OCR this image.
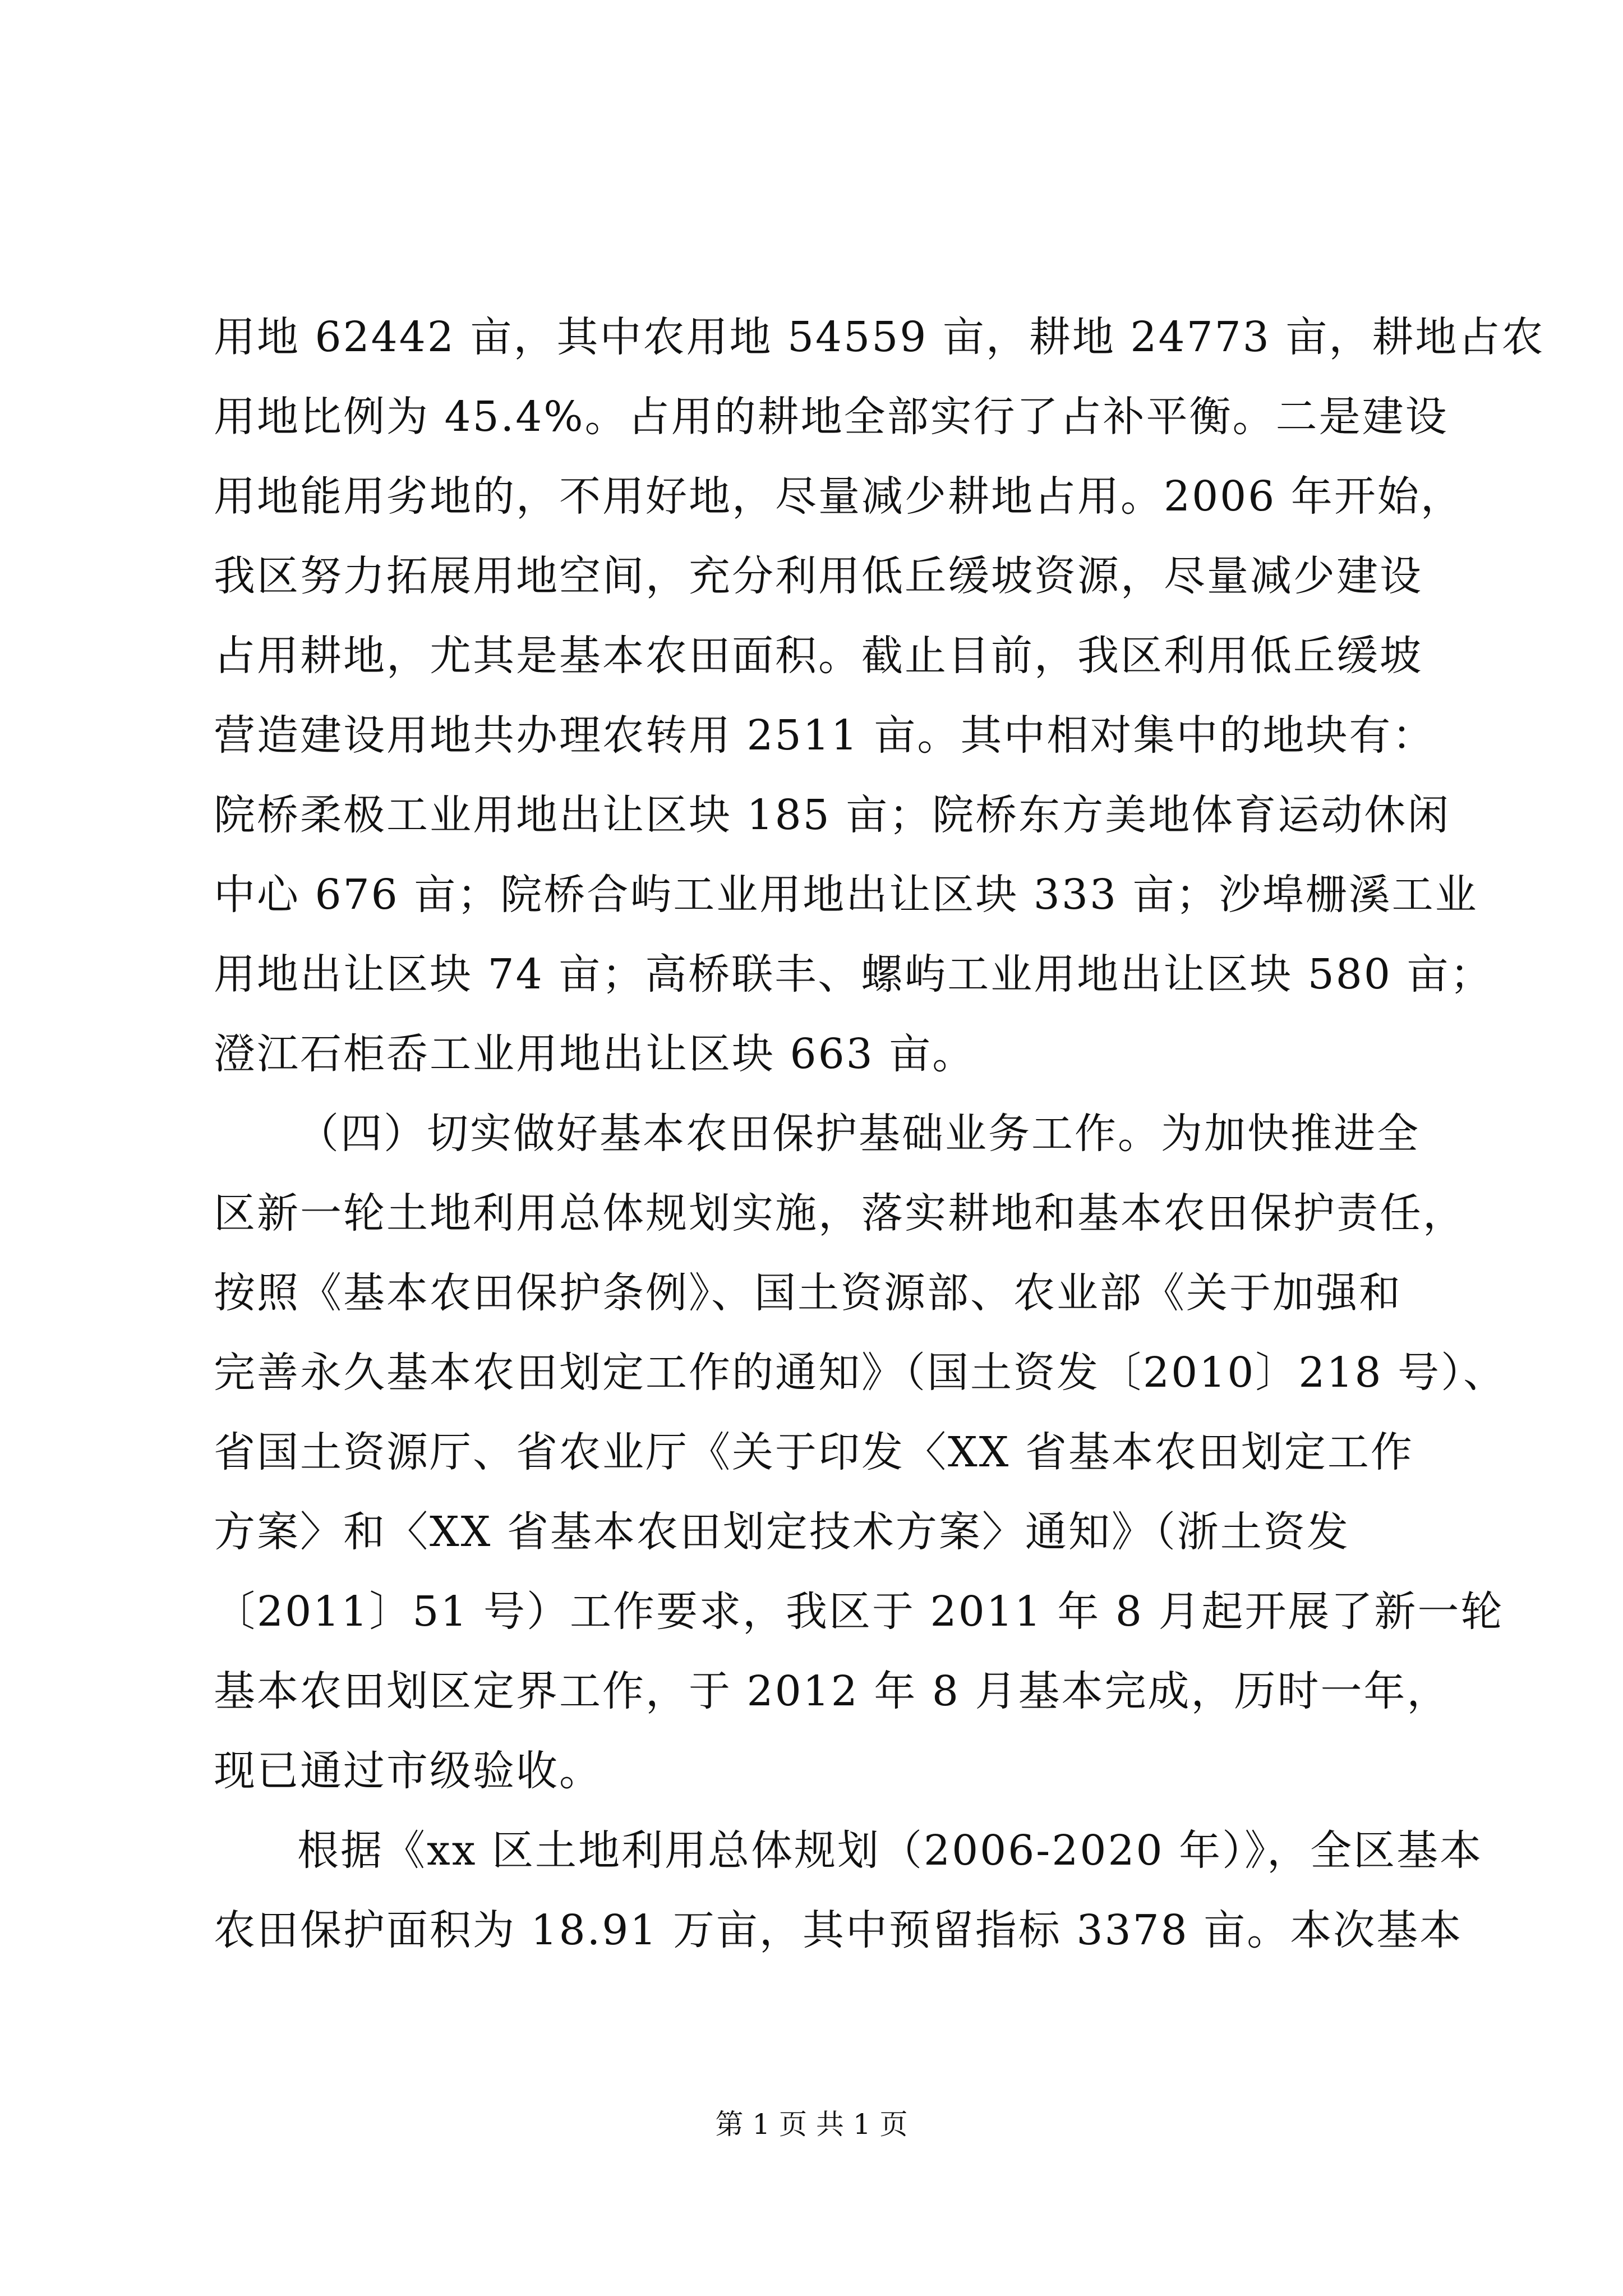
用地 62442 亩，其中农用地 54559 亩，耕地 24773 亩，耕地占农
用地比例为 45.4%。占用的耕地全部实行了占补平衡。二是建设
用地能用劣地的，不用好地，尽量减少耕地占用。2006 年开始，
我区努力拓展用地空间，充分利用低丘缓坡资源，尽量减少建设
占用耕地，尤其是基本农田面积。截止目前，我区利用低丘缓坡
营造建设用地共办理农转用 2511 亩。其中相对集中的地块有：
院桥柔极工业用地出让区块 185 亩；院桥东方美地体育运动休闲
中心 676 亩；院桥合屿工业用地出让区块 333 亩；沙埠栅溪工业
用地出让区块 74 亩；高桥联丰、螺屿工业用地出让区块 580 亩；
澄江石柜岙工业用地出让区块 663 亩。
（四）切实做好基本农田保护基础业务工作。为加快推进全
区新一轮土地利用总体规划实施，落实耕地和基本农田保护责任，
按照《基本农田保护条例》、国土资源部、农业部《关于加强和
完善永久基本农田划定工作的通知》（国土资发〔2010〕218 号）、
省国土资源厅、省农业厅《关于印发〈XX 省基本农田划定工作
方案〉和〈XX 省基本农田划定技术方案〉通知》（浙土资发
〔2011〕51 号）工作要求，我区于 2011 年 8 月起开展了新一轮
基本农田划区定界工作，于 2012 年 8 月基本完成，历时一年，
现已通过市级验收。
根据《xx 区土地利用总体规划（2006-2020 年）》，全区基本
农田保护面积为 18.91 万亩，其中预留指标 3378 亩。本次基本
第 1 页 共 1 页
